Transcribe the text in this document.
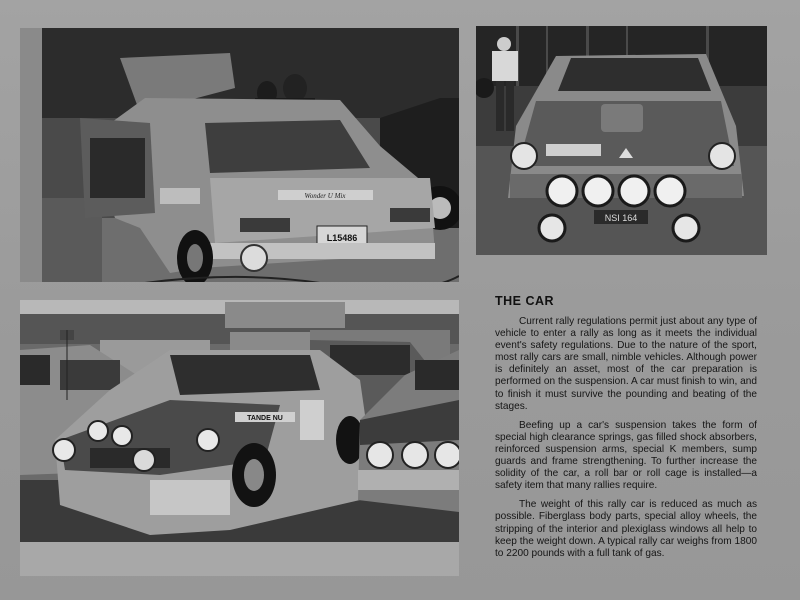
L15486
Wonder U Mix
NSI 164
TANDE NU
THE CAR

Current rally regulations permit just about any type of vehicle to enter a rally as long as it meets the individual event's safety regulations. Due to the nature of the sport, most rally cars are small, nimble vehicles. Although power is definitely an asset, most of the car preparation is performed on the suspension. A car must finish to win, and to finish it must survive the pounding and beating of the stages.

Beefing up a car's suspension takes the form of special high clearance springs, gas filled shock absorbers, reinforced suspension arms, special K members, sump guards and frame strengthening. To further increase the solidity of the car, a roll bar or roll cage is installed—a safety item that many rallies require.

The weight of this rally car is reduced as much as possible. Fiberglass body parts, special alloy wheels, the stripping of the interior and plexiglass windows all help to keep the weight down. A typical rally car weighs from 1800 to 2200 pounds with a full tank of gas.
